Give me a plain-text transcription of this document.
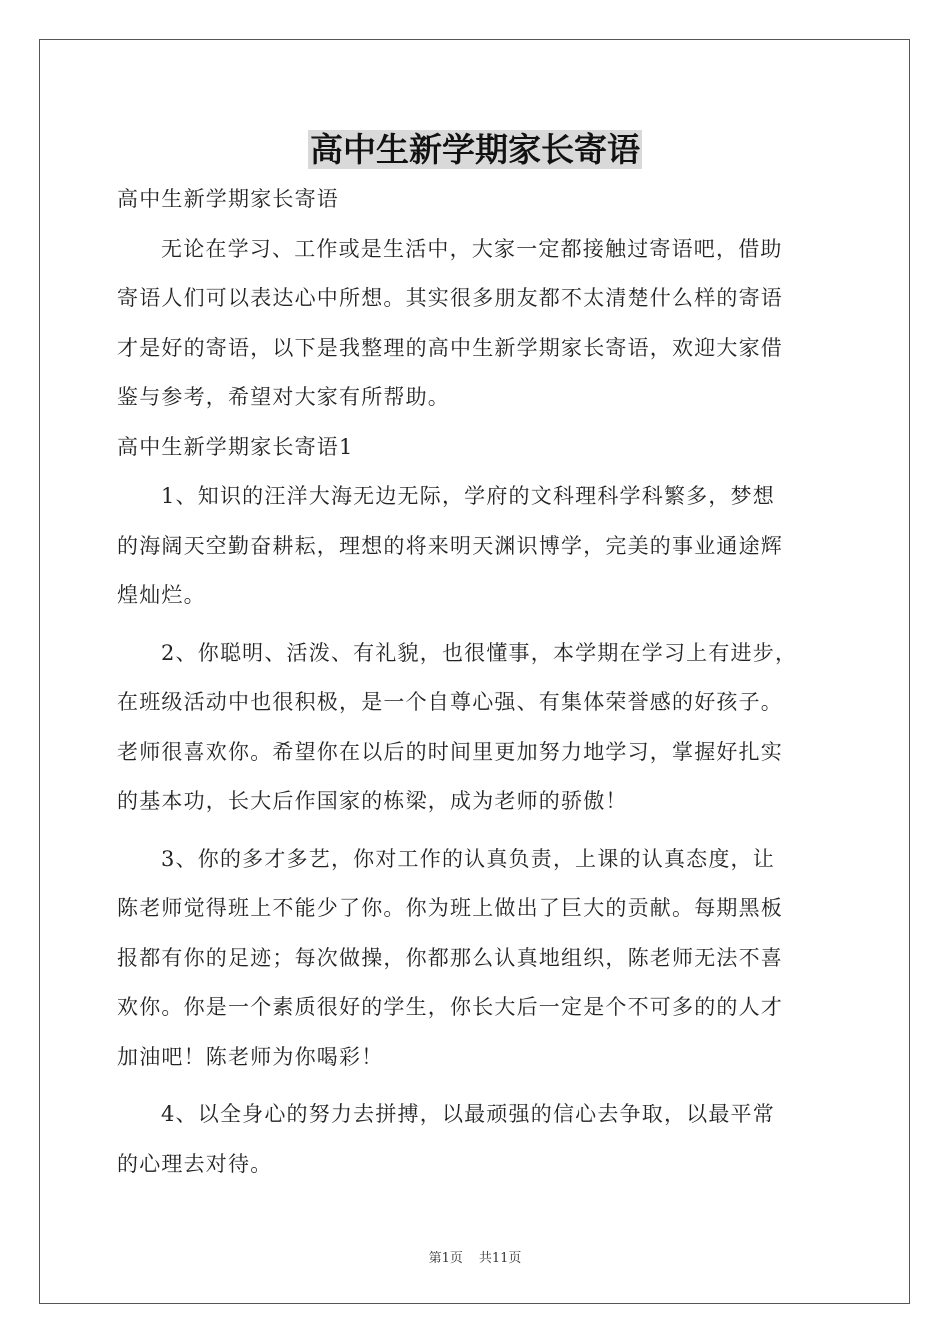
高中生新学期家长寄语
高中生新学期家长寄语
无论在学习、工作或是生活中，大家一定都接触过寄语吧，借助
寄语人们可以表达心中所想。其实很多朋友都不太清楚什么样的寄语
才是好的寄语，以下是我整理的高中生新学期家长寄语，欢迎大家借
鉴与参考，希望对大家有所帮助。
高中生新学期家长寄语1
1、知识的汪洋大海无边无际，学府的文科理科学科繁多，梦想
的海阔天空勤奋耕耘，理想的将来明天渊识博学，完美的事业通途辉
煌灿烂。
2、你聪明、活泼、有礼貌，也很懂事，本学期在学习上有进步，
在班级活动中也很积极，是一个自尊心强、有集体荣誉感的好孩子。
老师很喜欢你。希望你在以后的时间里更加努力地学习，掌握好扎实
的基本功，长大后作国家的栋梁，成为老师的骄傲！
3、你的多才多艺，你对工作的认真负责，上课的认真态度，让
陈老师觉得班上不能少了你。你为班上做出了巨大的贡献。每期黑板
报都有你的足迹；每次做操，你都那么认真地组织，陈老师无法不喜
欢你。你是一个素质很好的学生，你长大后一定是个不可多的的人才
加油吧！陈老师为你喝彩！
4、以全身心的努力去拼搏，以最顽强的信心去争取，以最平常
的心理去对待。
第1页 共11页
